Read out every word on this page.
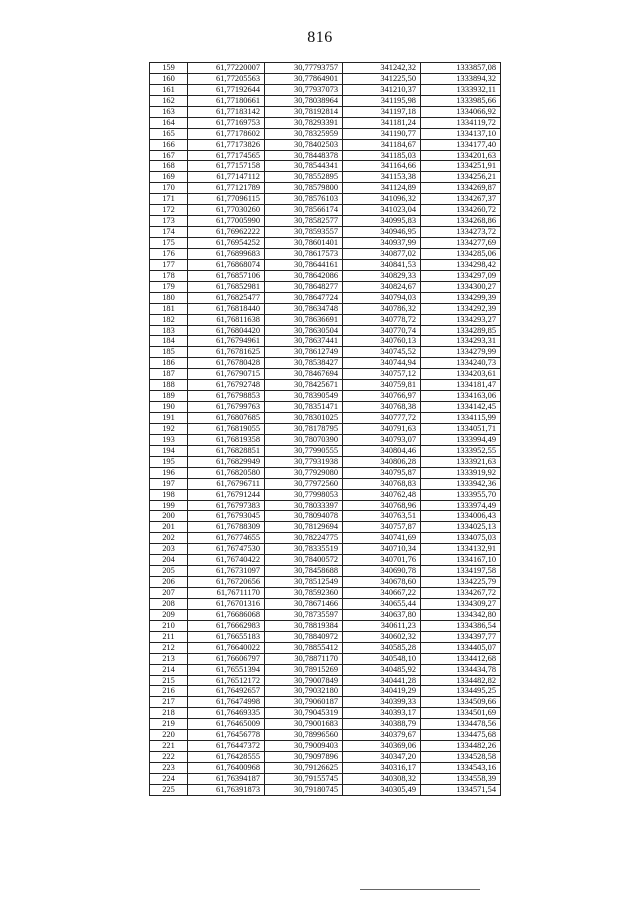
816
159	61,77220007	30,77793757	341242,32	1333857,08
160	61,77205563	30,77864901	341225,50	1333894,32
161	61,77192644	30,77937073	341210,37	1333932,11
162	61,77180661	30,78038964	341195,98	1333985,66
163	61,77183142	30,78192814	341197,18	1334066,92
164	61,77169753	30,78293391	341181,24	1334119,72
165	61,77178602	30,78325959	341190,77	1334137,10
166	61,77173826	30,78402503	341184,67	1334177,40
167	61,77174565	30,78448378	341185,03	1334201,63
168	61,77157158	30,78544341	341164,66	1334251,91
169	61,77147112	30,78552895	341153,38	1334256,21
170	61,77121789	30,78579800	341124,89	1334269,87
171	61,77096115	30,78576103	341096,32	1334267,37
172	61,77030260	30,78566174	341023,04	1334260,72
173	61,77005990	30,78582577	340995,83	1334268,86
174	61,76962222	30,78593557	340946,95	1334273,72
175	61,76954252	30,78601401	340937,99	1334277,69
176	61,76899683	30,78617573	340877,02	1334285,06
177	61,76868074	30,78644161	340841,53	1334298,42
178	61,76857106	30,78642086	340829,33	1334297,09
179	61,76852981	30,78648277	340824,67	1334300,27
180	61,76825477	30,78647724	340794,03	1334299,39
181	61,76818440	30,78634748	340786,32	1334292,39
182	61,76811638	30,78636691	340778,72	1334293,27
183	61,76804420	30,78630504	340770,74	1334289,85
184	61,76794961	30,78637441	340760,13	1334293,31
185	61,76781625	30,78612749	340745,52	1334279,99
186	61,76780428	30,78538427	340744,94	1334240,73
187	61,76790715	30,78467694	340757,12	1334203,61
188	61,76792748	30,78425671	340759,81	1334181,47
189	61,76798853	30,78390549	340766,97	1334163,06
190	61,76799763	30,78351471	340768,38	1334142,45
191	61,76807685	30,78301025	340777,72	1334115,99
192	61,76819055	30,78178795	340791,63	1334051,71
193	61,76819358	30,78070390	340793,07	1333994,49
194	61,76828851	30,77990555	340804,46	1333952,55
195	61,76829949	30,77931938	340806,28	1333921,63
196	61,76820580	30,77929080	340795,87	1333919,92
197	61,76796711	30,77972560	340768,83	1333942,36
198	61,76791244	30,77998053	340762,48	1333955,70
199	61,76797383	30,78033397	340768,96	1333974,49
200	61,76793045	30,78094078	340763,51	1334006,43
201	61,76788309	30,78129694	340757,87	1334025,13
202	61,76774655	30,78224775	340741,69	1334075,03
203	61,76747530	30,78335519	340710,34	1334132,91
204	61,76740422	30,78400572	340701,76	1334167,10
205	61,76731097	30,78458688	340690,78	1334197,58
206	61,76720656	30,78512549	340678,60	1334225,79
207	61,76711170	30,78592360	340667,22	1334267,72
208	61,76701316	30,78671466	340655,44	1334309,27
209	61,76686068	30,78735597	340637,80	1334342,80
210	61,76662983	30,78819384	340611,23	1334386,54
211	61,76655183	30,78840972	340602,32	1334397,77
212	61,76640022	30,78855412	340585,28	1334405,07
213	61,76606797	30,78871170	340548,10	1334412,68
214	61,76551394	30,78915269	340485,92	1334434,78
215	61,76512172	30,79007849	340441,28	1334482,82
216	61,76492657	30,79032180	340419,29	1334495,25
217	61,76474998	30,79060187	340399,33	1334509,66
218	61,76469335	30,79045319	340393,17	1334501,69
219	61,76465009	30,79001683	340388,79	1334478,56
220	61,76456778	30,78996560	340379,67	1334475,68
221	61,76447372	30,79009403	340369,06	1334482,26
222	61,76428555	30,79097896	340347,20	1334528,58
223	61,76400968	30,79126625	340316,17	1334543,16
224	61,76394187	30,79155745	340308,32	1334558,39
225	61,76391873	30,79180745	340305,49	1334571,54
